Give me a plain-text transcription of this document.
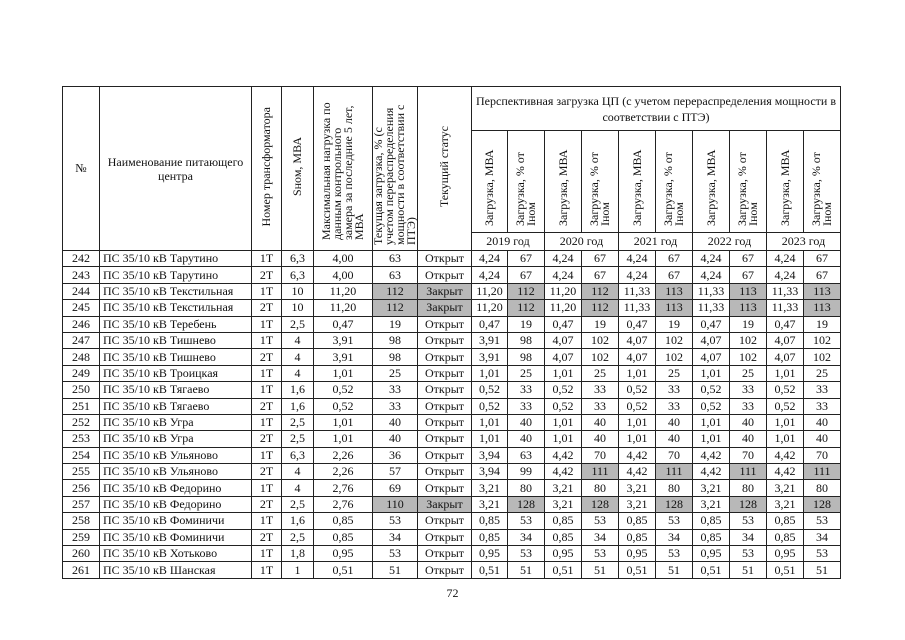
№	Наименование питающего центра	Номер трансформатора	Sном, МВА	Максимальная нагрузка по данным контрольного замера за последние 5 лет, МВА	Текущая загрузка, % (с учетом перераспределения мощности в соответствии с ПТЭ)	Текущий статус	Перспективная загрузка ЦП (с учетом перераспределения мощности в соответствии с ПТЭ)									
							Загрузка, МВА	Загрузка, % от Iном	Загрузка, МВА	Загрузка, % от Iном	Загрузка, МВА	Загрузка, % от Iном	Загрузка, МВА	Загрузка, % от Iном	Загрузка, МВА	Загрузка, % от Iном
							2019 год		2020 год		2021 год		2022 год		2023 год	
242	ПС 35/10 кВ Тарутино	1Т	6,3	4,00	63	Открыт	4,24	67	4,24	67	4,24	67	4,24	67	4,24	67
243	ПС 35/10 кВ Тарутино	2Т	6,3	4,00	63	Открыт	4,24	67	4,24	67	4,24	67	4,24	67	4,24	67
244	ПС 35/10 кВ Текстильная	1Т	10	11,20	112	Закрыт	11,20	112	11,20	112	11,33	113	11,33	113	11,33	113
245	ПС 35/10 кВ Текстильная	2Т	10	11,20	112	Закрыт	11,20	112	11,20	112	11,33	113	11,33	113	11,33	113
246	ПС 35/10 кВ Теребень	1Т	2,5	0,47	19	Открыт	0,47	19	0,47	19	0,47	19	0,47	19	0,47	19
247	ПС 35/10 кВ Тишнево	1Т	4	3,91	98	Открыт	3,91	98	4,07	102	4,07	102	4,07	102	4,07	102
248	ПС 35/10 кВ Тишнево	2Т	4	3,91	98	Открыт	3,91	98	4,07	102	4,07	102	4,07	102	4,07	102
249	ПС 35/10 кВ Троицкая	1Т	4	1,01	25	Открыт	1,01	25	1,01	25	1,01	25	1,01	25	1,01	25
250	ПС 35/10 кВ Тягаево	1Т	1,6	0,52	33	Открыт	0,52	33	0,52	33	0,52	33	0,52	33	0,52	33
251	ПС 35/10 кВ Тягаево	2Т	1,6	0,52	33	Открыт	0,52	33	0,52	33	0,52	33	0,52	33	0,52	33
252	ПС 35/10 кВ Угра	1Т	2,5	1,01	40	Открыт	1,01	40	1,01	40	1,01	40	1,01	40	1,01	40
253	ПС 35/10 кВ Угра	2Т	2,5	1,01	40	Открыт	1,01	40	1,01	40	1,01	40	1,01	40	1,01	40
254	ПС 35/10 кВ Ульяново	1Т	6,3	2,26	36	Открыт	3,94	63	4,42	70	4,42	70	4,42	70	4,42	70
255	ПС 35/10 кВ Ульяново	2Т	4	2,26	57	Открыт	3,94	99	4,42	111	4,42	111	4,42	111	4,42	111
256	ПС 35/10 кВ Федорино	1Т	4	2,76	69	Открыт	3,21	80	3,21	80	3,21	80	3,21	80	3,21	80
257	ПС 35/10 кВ Федорино	2Т	2,5	2,76	110	Закрыт	3,21	128	3,21	128	3,21	128	3,21	128	3,21	128
258	ПС 35/10 кВ Фоминичи	1Т	1,6	0,85	53	Открыт	0,85	53	0,85	53	0,85	53	0,85	53	0,85	53
259	ПС 35/10 кВ Фоминичи	2Т	2,5	0,85	34	Открыт	0,85	34	0,85	34	0,85	34	0,85	34	0,85	34
260	ПС 35/10 кВ Хотьково	1Т	1,8	0,95	53	Открыт	0,95	53	0,95	53	0,95	53	0,95	53	0,95	53
261	ПС 35/10 кВ Шанская	1Т	1	0,51	51	Открыт	0,51	51	0,51	51	0,51	51	0,51	51	0,51	51
72
